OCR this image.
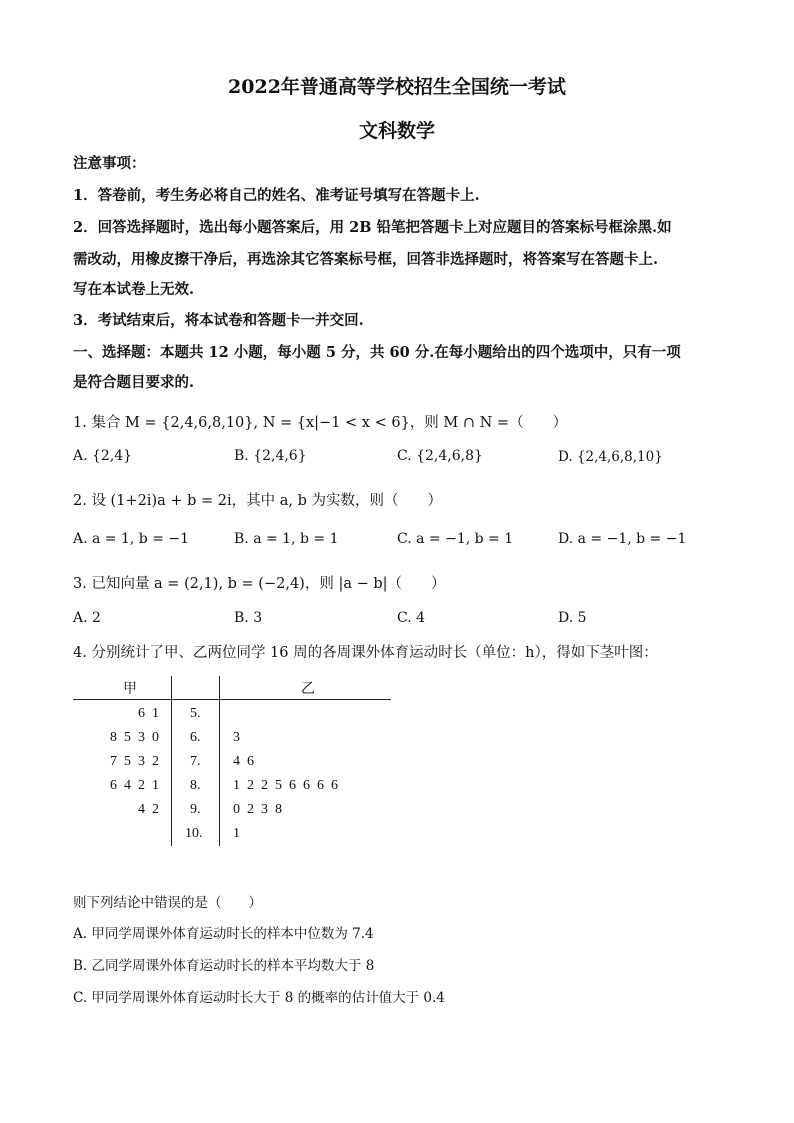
2022年普通高等学校招生全国统一考试
文科数学
注意事项：
1．答卷前，考生务必将自己的姓名、准考证号填写在答题卡上.
2．回答选择题时，选出每小题答案后，用 2B 铅笔把答题卡上对应题目的答案标号框涂黑.如
需改动，用橡皮擦干净后，再选涂其它答案标号框，回答非选择题时，将答案写在答题卡上.
写在本试卷上无效.
3．考试结束后，将本试卷和答题卡一并交回.
一、选择题：本题共 12 小题，每小题 5 分，共 60 分.在每小题给出的四个选项中，只有一项
是符合题目要求的.
1. 集合 M = {2,4,6,8,10}, N = {x|−1 < x < 6}，则 M ∩ N =（　　）
A. {2,4}	B. {2,4,6}	C. {2,4,6,8}	D. {2,4,6,8,10}
2. 设 (1+2i)a + b = 2i，其中 a, b 为实数，则（　　）
A. a = 1, b = −1	B. a = 1, b = 1	C. a = −1, b = 1	D. a = −1, b = −1
3. 已知向量 a = (2,1), b = (−2,4)，则 |a − b|（　　）
A. 2	B. 3	C. 4	D. 5
4. 分别统计了甲、乙两位同学 16 周的各周课外体育运动时长（单位：h），得如下茎叶图：
甲	乙
6  1 5.
8  5  3  0 6. 3
7  5  3  2 7. 4  6
6  4  2  1 8. 1  2  2  5  6  6  6  6
4  2 9. 0  2  3  8
10. 1
则下列结论中错误的是（　　）
A. 甲同学周课外体育运动时长的样本中位数为 7.4
B. 乙同学周课外体育运动时长的样本平均数大于 8
C. 甲同学周课外体育运动时长大于 8 的概率的估计值大于 0.4
